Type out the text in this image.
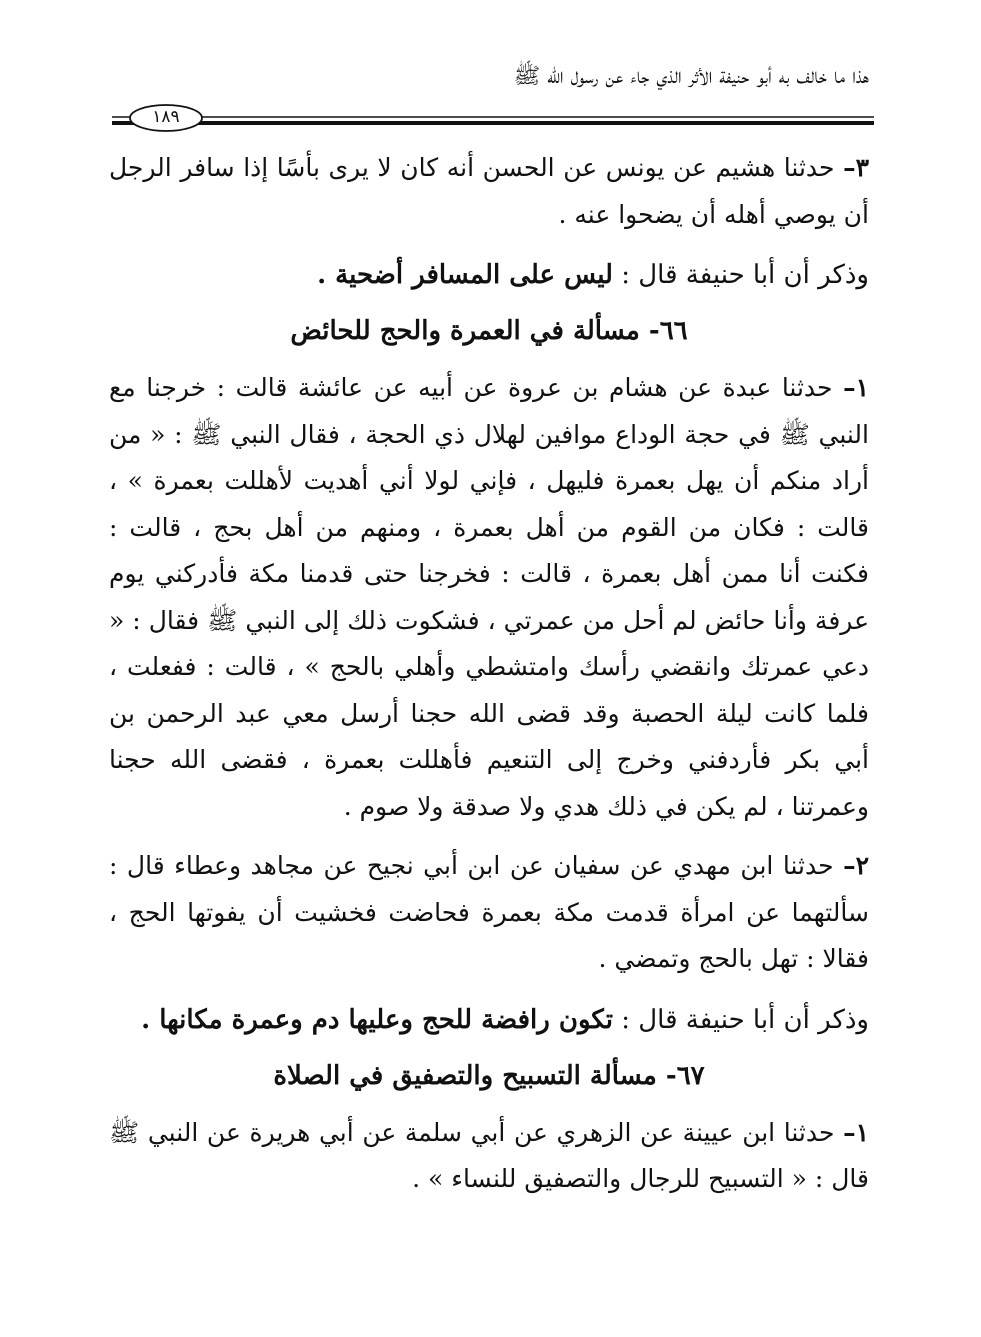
هذا ما خالف به أبو حنيفة الأثر الذي جاء عن رسول الله ﷺ
١٨٩

٣– حدثنا هشيم عن يونس عن الحسن أنه كان لا يرى بأسًا إذا سافر الرجل أن يوصي أهله أن يضحوا عنه .

وذكر أن أبا حنيفة قال : ليس على المسافر أضحية .

٦٦- مسألة في العمرة والحج للحائض

١– حدثنا عبدة عن هشام بن عروة عن أبيه عن عائشة قالت : خرجنا مع النبي ﷺ في حجة الوداع موافين لهلال ذي الحجة ، فقال النبي ﷺ : « من أراد منكم أن يهل بعمرة فليهل ، فإني لولا أني أهديت لأهللت بعمرة » ، قالت : فكان من القوم من أهل بعمرة ، ومنهم من أهل بحج ، قالت : فكنت أنا ممن أهل بعمرة ، قالت : فخرجنا حتى قدمنا مكة فأدركني يوم عرفة وأنا حائض لم أحل من عمرتي ، فشكوت ذلك إلى النبي ﷺ فقال : « دعي عمرتك وانقضي رأسك وامتشطي وأهلي بالحج » ، قالت : ففعلت ، فلما كانت ليلة الحصبة وقد قضى الله حجنا أرسل معي عبد الرحمن بن أبي بكر فأردفني وخرج إلى التنعيم فأهللت بعمرة ، فقضى الله حجنا وعمرتنا ، لم يكن في ذلك هدي ولا صدقة ولا صوم .

٢– حدثنا ابن مهدي عن سفيان عن ابن أبي نجيح عن مجاهد وعطاء قال : سألتهما عن امرأة قدمت مكة بعمرة فحاضت فخشيت أن يفوتها الحج ، فقالا : تهل بالحج وتمضي .

وذكر أن أبا حنيفة قال : تكون رافضة للحج وعليها دم وعمرة مكانها .

٦٧- مسألة التسبيح والتصفيق في الصلاة

١– حدثنا ابن عيينة عن الزهري عن أبي سلمة عن أبي هريرة عن النبي ﷺ قال : « التسبيح للرجال والتصفيق للنساء » .
